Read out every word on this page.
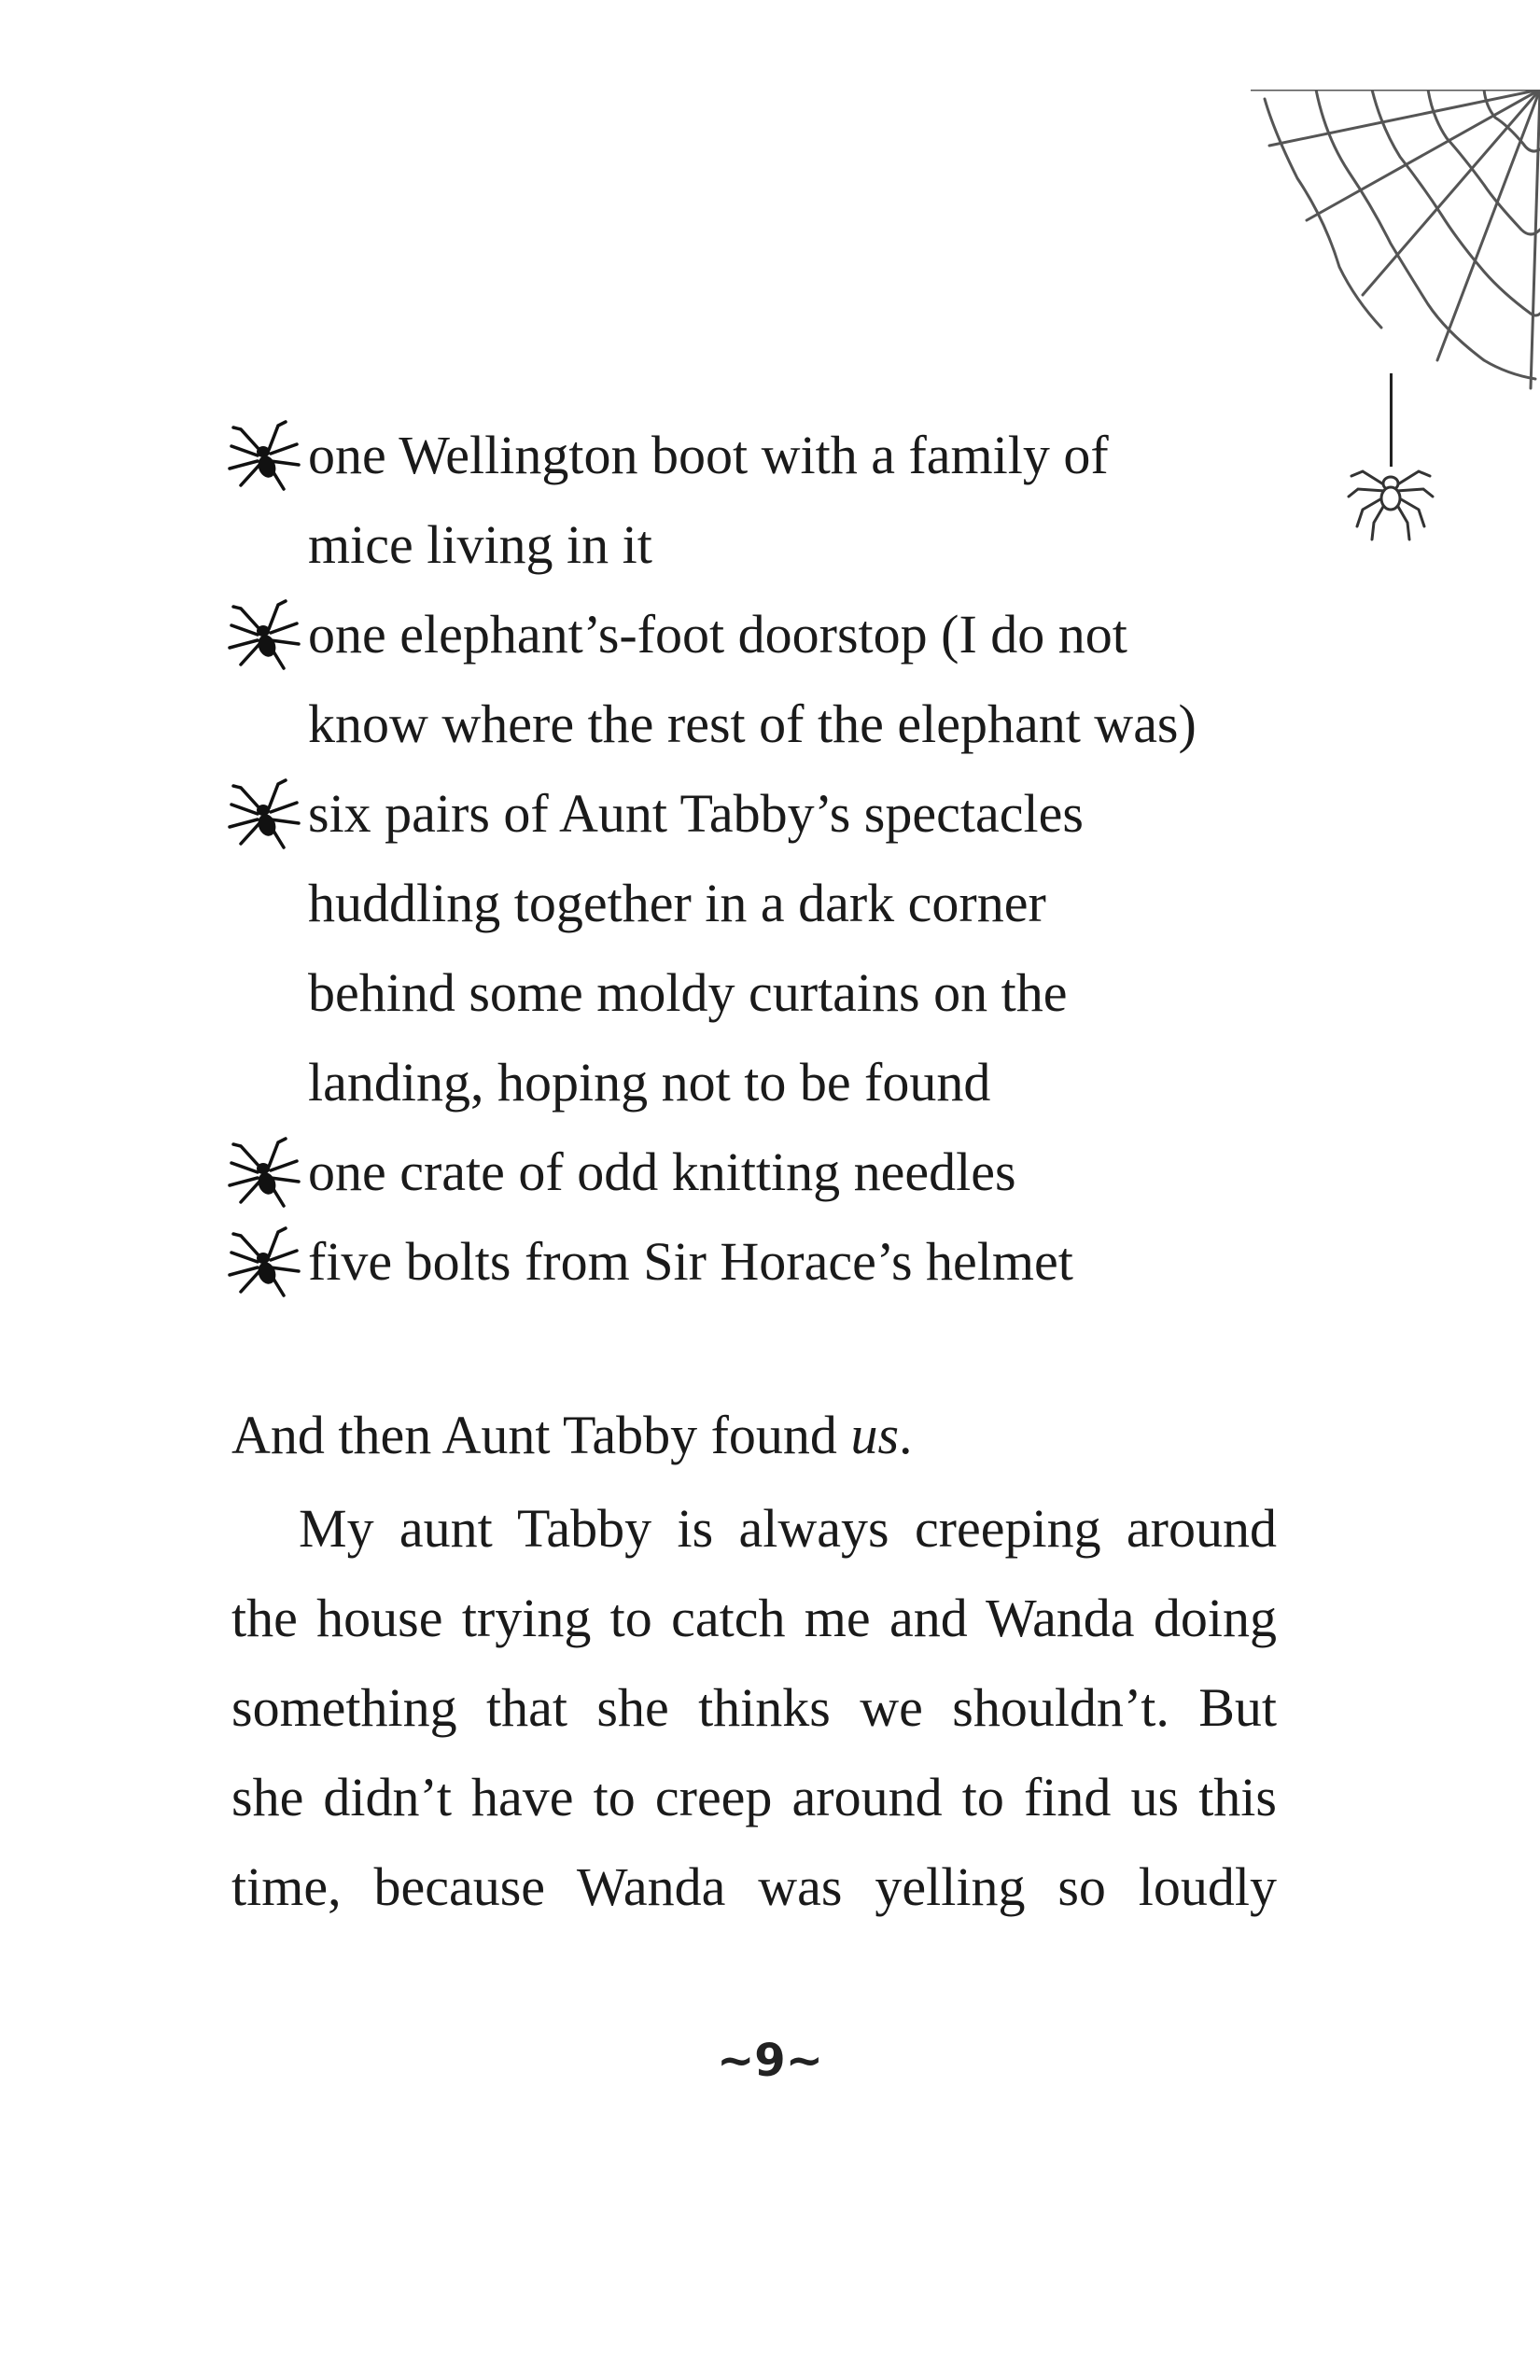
one Wellington boot with a family of
mice living in it
one elephant’s-foot doorstop (I do not
know where the rest of the elephant was)
six pairs of Aunt Tabby’s spectacles
huddling together in a dark corner
behind some moldy curtains on the
landing, hoping not to be found
one crate of odd knitting needles
five bolts from Sir Horace’s helmet
And then Aunt Tabby found us.
My aunt Tabby is always creeping around
the house trying to catch me and Wanda doing
something that she thinks we shouldn’t. But
she didn’t have to creep around to find us this
time, because Wanda was yelling so loudly
~9~
